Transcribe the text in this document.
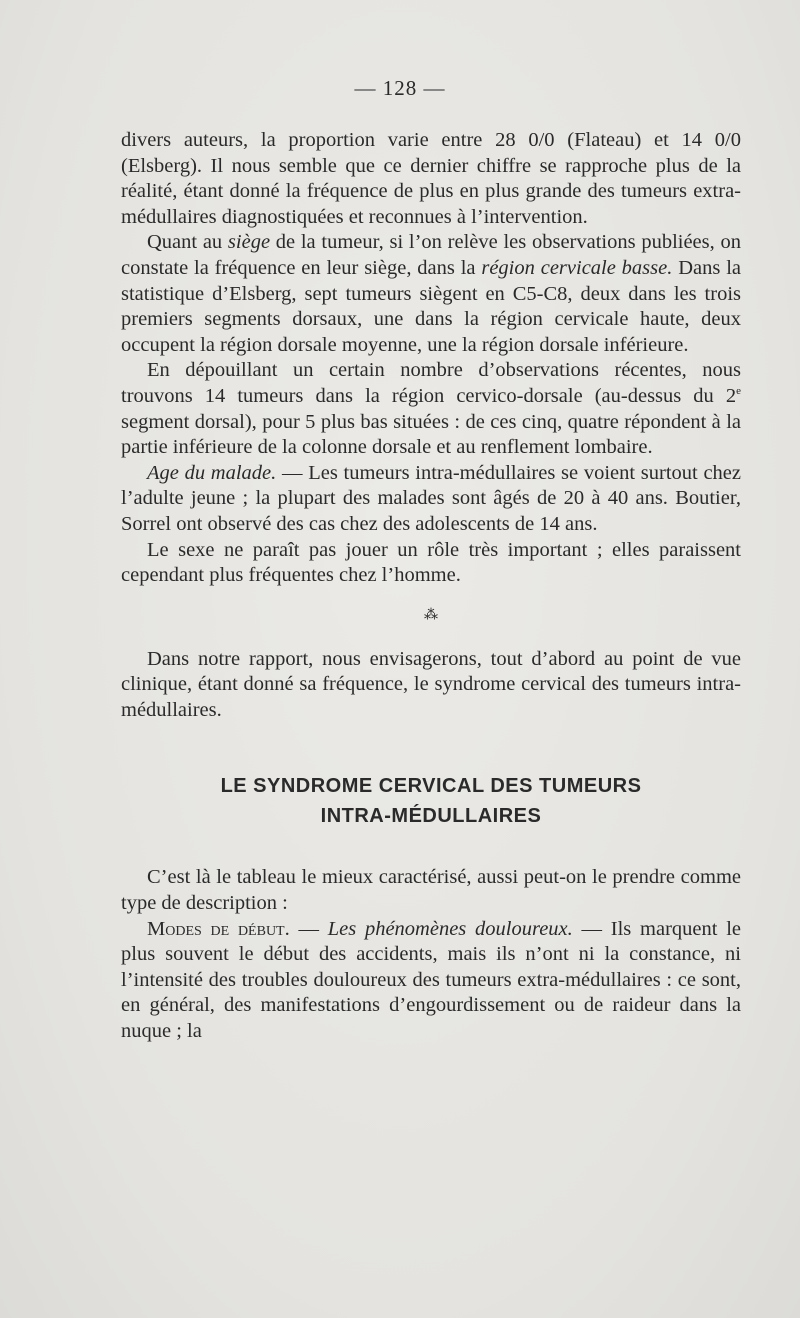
— 128 —

divers auteurs, la proportion varie entre 28 0/0 (Flateau) et 14 0/0 (Elsberg). Il nous semble que ce dernier chiffre se rapproche plus de la réalité, étant donné la fréquence de plus en plus grande des tumeurs extra-médullaires diagnostiquées et reconnues à l’intervention.

Quant au siège de la tumeur, si l’on relève les observations publiées, on constate la fréquence en leur siège, dans la région cervicale basse. Dans la statistique d’Elsberg, sept tumeurs siègent en C5-C8, deux dans les trois premiers segments dorsaux, une dans la région cervicale haute, deux occupent la région dorsale moyenne, une la région dorsale inférieure.

En dépouillant un certain nombre d’observations récentes, nous trouvons 14 tumeurs dans la région cervico-dorsale (au-dessus du 2e segment dorsal), pour 5 plus bas situées : de ces cinq, quatre répondent à la partie inférieure de la colonne dorsale et au renflement lombaire.

Age du malade. — Les tumeurs intra-médullaires se voient surtout chez l’adulte jeune ; la plupart des malades sont âgés de 20 à 40 ans. Boutier, Sorrel ont observé des cas chez des adolescents de 14 ans.

Le sexe ne paraît pas jouer un rôle très important ; elles paraissent cependant plus fréquentes chez l’homme.

⁂

Dans notre rapport, nous envisagerons, tout d’abord au point de vue clinique, étant donné sa fréquence, le syndrome cervical des tumeurs intra-médullaires.

LE SYNDROME CERVICAL DES TUMEURS
INTRA-MÉDULLAIRES

C’est là le tableau le mieux caractérisé, aussi peut-on le prendre comme type de description :

Modes de début. — Les phénomènes douloureux. — Ils marquent le plus souvent le début des accidents, mais ils n’ont ni la constance, ni l’intensité des troubles douloureux des tumeurs extra-médullaires : ce sont, en général, des manifestations d’engourdissement ou de raideur dans la nuque ; la
